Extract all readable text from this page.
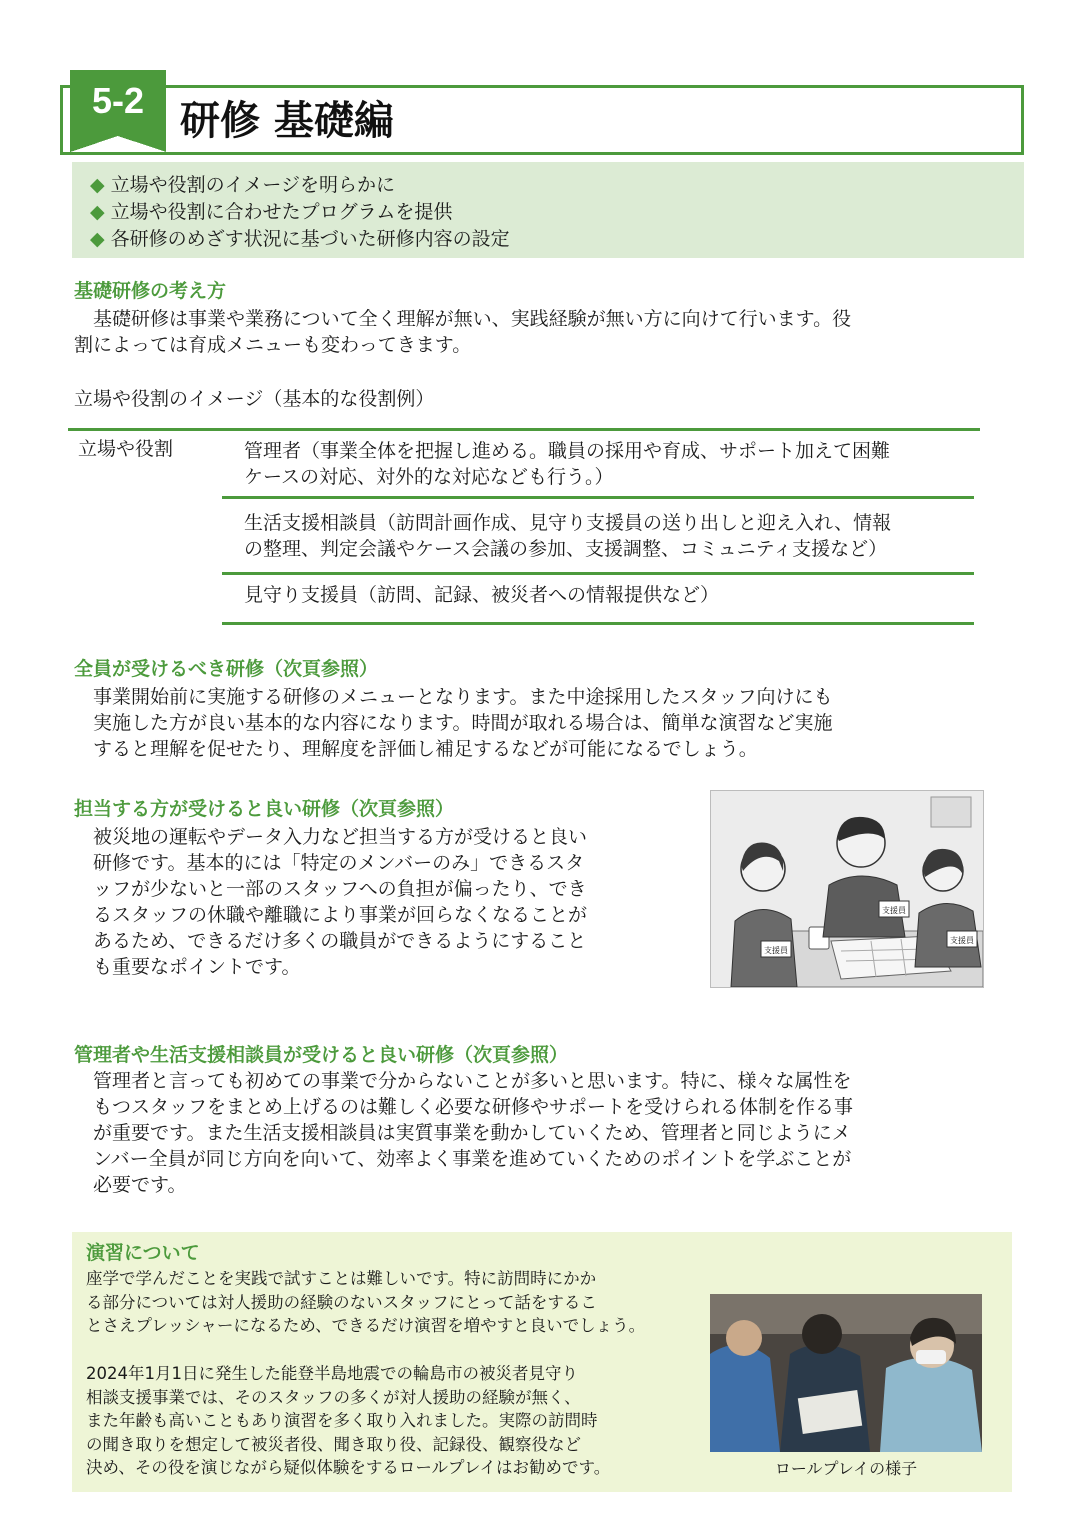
5-2 研修 基礎編
◆ 立場や役割のイメージを明らかに
◆ 立場や役割に合わせたプログラムを提供
◆ 各研修のめざす状況に基づいた研修内容の設定
基礎研修の考え方
　基礎研修は事業や業務について全く理解が無い、実践経験が無い方に向けて行います。役
割によっては育成メニューも変わってきます。
立場や役割のイメージ（基本的な役割例）
立場や役割	管理者（事業全体を把握し進める。職員の採用や育成、サポート加えて困難
ケースの対応、対外的な対応なども行う。）
生活支援相談員（訪問計画作成、見守り支援員の送り出しと迎え入れ、情報
の整理、判定会議やケース会議の参加、支援調整、コミュニティ支援など）
見守り支援員（訪問、記録、被災者への情報提供など）
全員が受けるべき研修（次頁参照）
　事業開始前に実施する研修のメニューとなります。また中途採用したスタッフ向けにも
　実施した方が良い基本的な内容になります。時間が取れる場合は、簡単な演習など実施
　すると理解を促せたり、理解度を評価し補足するなどが可能になるでしょう。
担当する方が受けると良い研修（次頁参照）
　被災地の運転やデータ入力など担当する方が受けると良い
　研修です。基本的には「特定のメンバーのみ」できるスタ
　ッフが少ないと一部のスタッフへの負担が偏ったり、でき
　るスタッフの休職や離職により事業が回らなくなることが
　あるため、できるだけ多くの職員ができるようにすること
　も重要なポイントです。
支援員
支援員
支援員
管理者や生活支援相談員が受けると良い研修（次頁参照）
　管理者と言っても初めての事業で分からないことが多いと思います。特に、様々な属性を
　もつスタッフをまとめ上げるのは難しく必要な研修やサポートを受けられる体制を作る事
　が重要です。また生活支援相談員は実質事業を動かしていくため、管理者と同じようにメ
　ンバー全員が同じ方向を向いて、効率よく事業を進めていくためのポイントを学ぶことが
　必要です。
演習について
座学で学んだことを実践で試すことは難しいです。特に訪問時にかか
る部分については対人援助の経験のないスタッフにとって話をするこ
とさえプレッシャーになるため、できるだけ演習を増やすと良いでしょう。
2024年1月1日に発生した能登半島地震での輪島市の被災者見守り
相談支援事業では、そのスタッフの多くが対人援助の経験が無く、
また年齢も高いこともあり演習を多く取り入れました。実際の訪問時
の聞き取りを想定して被災者役、聞き取り役、記録役、観察役など
決め、その役を演じながら疑似体験をするロールプレイはお勧めです。	ロールプレイの様子
